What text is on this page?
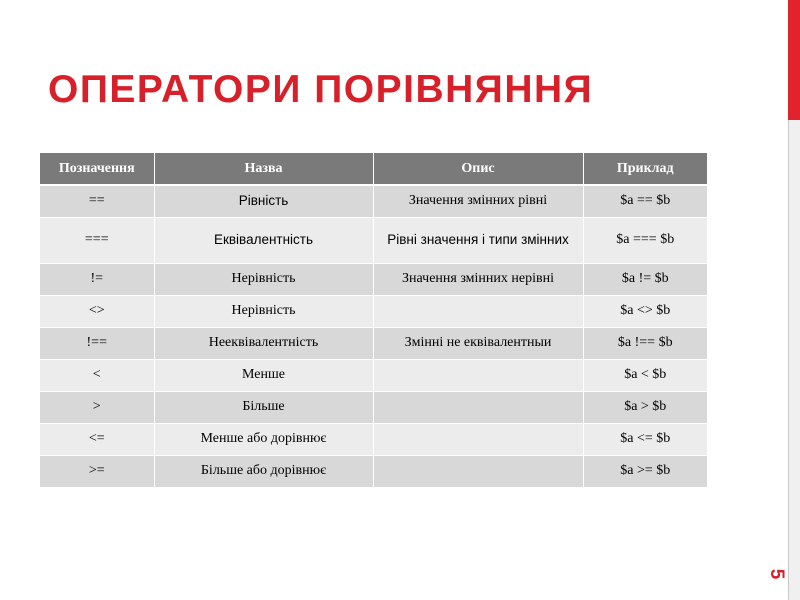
ОПЕРАТОРИ ПОРІВНЯННЯ
Позначення	Назва	Опис	Приклад
==	Рівність	Значення змінних рівні	$a == $b
===	Еквівалентність	Рівні значення і типи змінних	$a === $b
!=	Нерівність	Значення змінних нерівні	$a != $b
<>	Нерівність		$a <> $b
!==	Нееквівалентність	Змінні не еквівалентныи	$a !== $b
<	Менше		$a < $b
>	Більше		$a > $b
<=	Менше або дорівнює		$a <= $b
>=	Більше або дорівнює		$a >= $b
5
